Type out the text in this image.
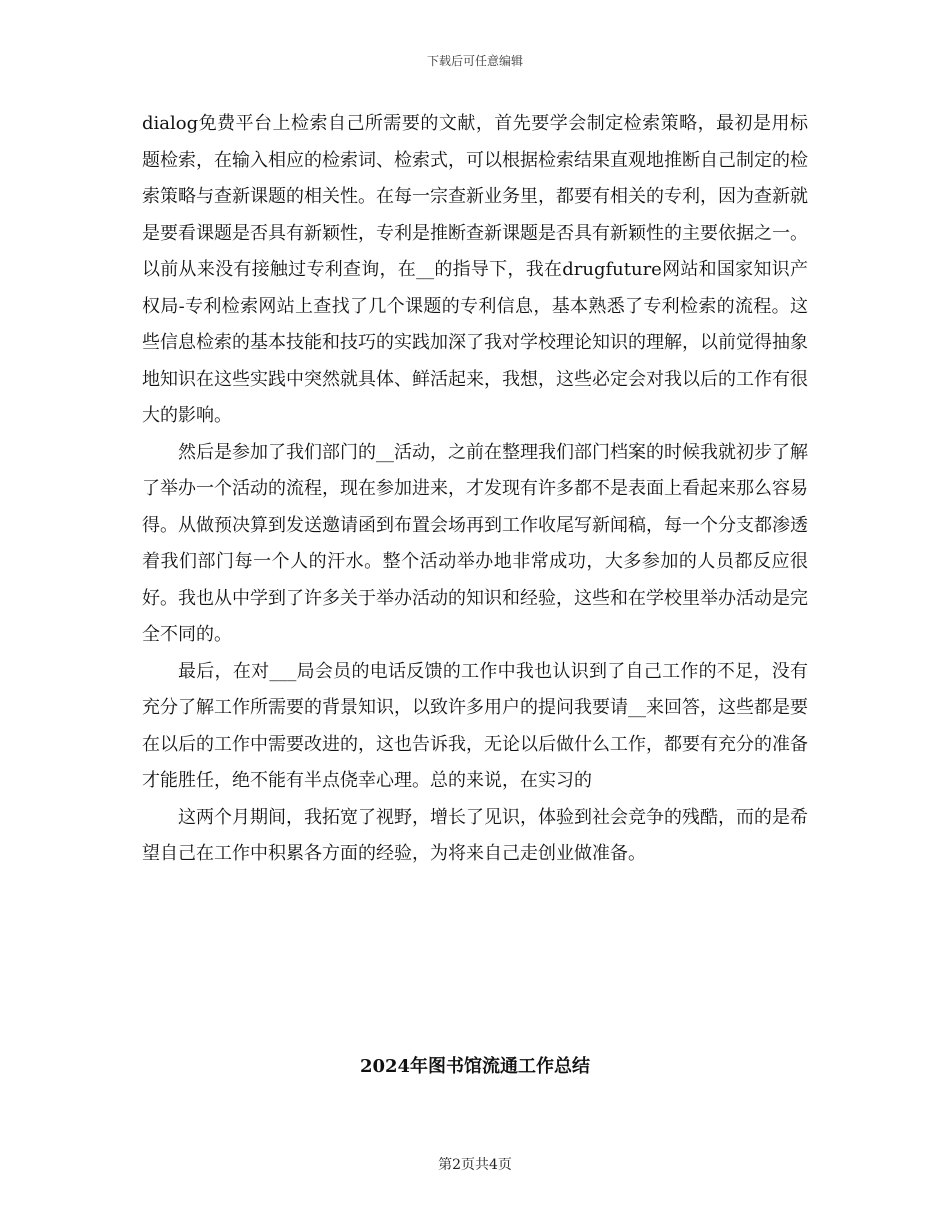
下载后可任意编辑

dialog免费平台上检索自己所需要的文献，首先要学会制定检索策略，最初是用标题检索，在输入相应的检索词、检索式，可以根据检索结果直观地推断自己制定的检索策略与查新课题的相关性。在每一宗查新业务里，都要有相关的专利，因为查新就是要看课题是否具有新颖性，专利是推断查新课题是否具有新颖性的主要依据之一。以前从来没有接触过专利查询，在__的指导下，我在drugfuture网站和国家知识产权局-专利检索网站上查找了几个课题的专利信息，基本熟悉了专利检索的流程。这些信息检索的基本技能和技巧的实践加深了我对学校理论知识的理解，以前觉得抽象地知识在这些实践中突然就具体、鲜活起来，我想，这些必定会对我以后的工作有很大的影响。

然后是参加了我们部门的__活动，之前在整理我们部门档案的时候我就初步了解了举办一个活动的流程，现在参加进来，才发现有许多都不是表面上看起来那么容易得。从做预决算到发送邀请函到布置会场再到工作收尾写新闻稿，每一个分支都渗透着我们部门每一个人的汗水。整个活动举办地非常成功，大多参加的人员都反应很好。我也从中学到了许多关于举办活动的知识和经验，这些和在学校里举办活动是完全不同的。

最后，在对___局会员的电话反馈的工作中我也认识到了自己工作的不足，没有充分了解工作所需要的背景知识，以致许多用户的提问我要请__来回答，这些都是要在以后的工作中需要改进的，这也告诉我，无论以后做什么工作，都要有充分的准备才能胜任，绝不能有半点侥幸心理。总的来说，在实习的

这两个月期间，我拓宽了视野，增长了见识，体验到社会竞争的残酷，而的是希望自己在工作中积累各方面的经验，为将来自己走创业做准备。

2024年图书馆流通工作总结
第2页共4页
